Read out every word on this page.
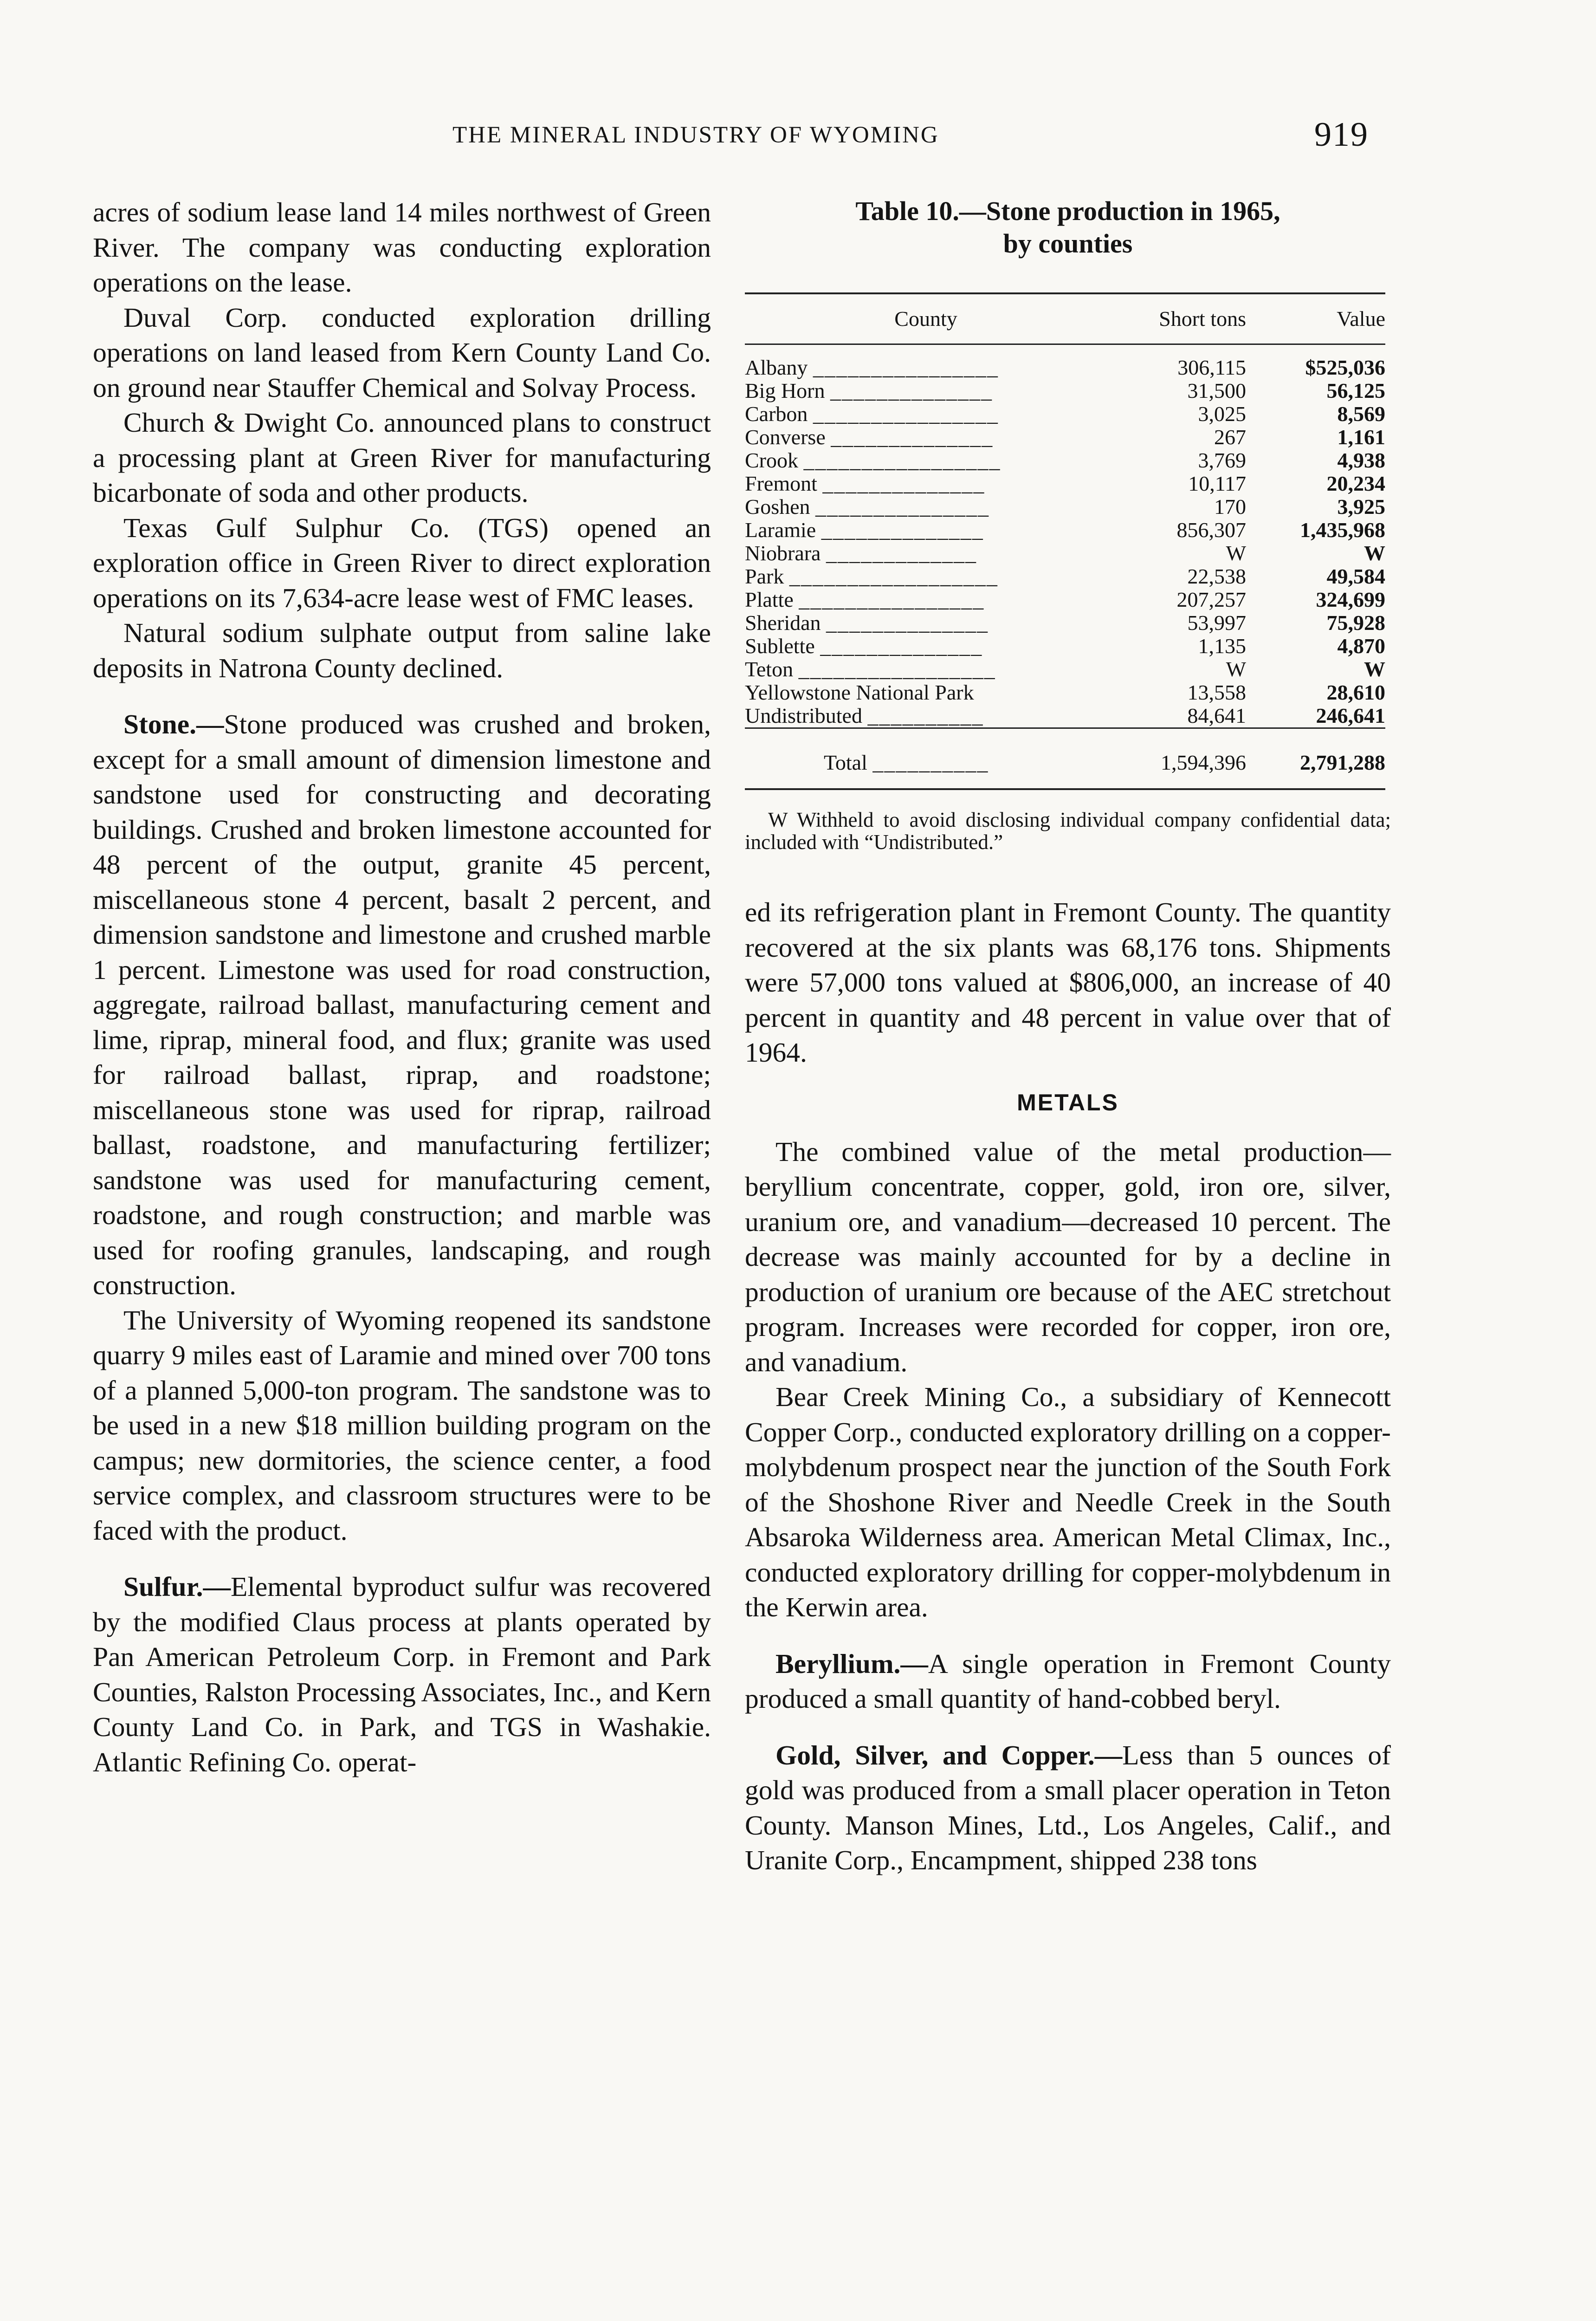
THE MINERAL INDUSTRY OF WYOMING	919

acres of sodium lease land 14 miles northwest of Green River. The company was conducting exploration operations on the lease.

Duval Corp. conducted exploration drilling operations on land leased from Kern County Land Co. on ground near Stauffer Chemical and Solvay Process.

Church & Dwight Co. announced plans to construct a processing plant at Green River for manufacturing bicarbonate of soda and other products.

Texas Gulf Sulphur Co. (TGS) opened an exploration office in Green River to direct exploration operations on its 7,634-acre lease west of FMC leases.

Natural sodium sulphate output from saline lake deposits in Natrona County declined.

Stone.—Stone produced was crushed and broken, except for a small amount of dimension limestone and sandstone used for constructing and decorating buildings. Crushed and broken limestone accounted for 48 percent of the output, granite 45 percent, miscellaneous stone 4 percent, basalt 2 percent, and dimension sandstone and limestone and crushed marble 1 percent. Limestone was used for road construction, aggregate, railroad ballast, manufacturing cement and lime, riprap, mineral food, and flux; granite was used for railroad ballast, riprap, and roadstone; miscellaneous stone was used for riprap, railroad ballast, roadstone, and manufacturing fertilizer; sandstone was used for manufacturing cement, roadstone, and rough construction; and marble was used for roofing granules, landscaping, and rough construction.

The University of Wyoming reopened its sandstone quarry 9 miles east of Laramie and mined over 700 tons of a planned 5,000-ton program. The sandstone was to be used in a new $18 million building program on the campus; new dormitories, the science center, a food service complex, and classroom structures were to be faced with the product.

Sulfur.—Elemental byproduct sulfur was recovered by the modified Claus process at plants operated by Pan American Petroleum Corp. in Fremont and Park Counties, Ralston Processing Associates, Inc., and Kern County Land Co. in Park, and TGS in Washakie. Atlantic Refining Co. operat-

Table 10.—Stone production in 1965,
by counties
County	Short tons	Value

Albany ________________	306,115	$525,036
Big Horn ______________	31,500	56,125
Carbon ________________	3,025	8,569
Converse ______________	267	1,161
Crook _________________	3,769	4,938
Fremont ______________	10,117	20,234
Goshen _______________	170	3,925
Laramie ______________	856,307	1,435,968
Niobrara _____________	W	W
Park __________________	22,538	49,584
Platte ________________	207,257	324,699
Sheridan ______________	53,997	75,928
Sublette ______________	1,135	4,870
Teton _________________	W	W
Yellowstone National Park	13,558	28,610
Undistributed __________	84,641	246,641
Total __________	1,594,396	2,791,288
W Withheld to avoid disclosing individual company confidential data; included with “Undistributed.”

ed its refrigeration plant in Fremont County. The quantity recovered at the six plants was 68,176 tons. Shipments were 57,000 tons valued at $806,000, an increase of 40 percent in quantity and 48 percent in value over that of 1964.

METALS

The combined value of the metal production—beryllium concentrate, copper, gold, iron ore, silver, uranium ore, and vanadium—decreased 10 percent. The decrease was mainly accounted for by a decline in production of uranium ore because of the AEC stretchout program. Increases were recorded for copper, iron ore, and vanadium.

Bear Creek Mining Co., a subsidiary of Kennecott Copper Corp., conducted exploratory drilling on a copper-molybdenum prospect near the junction of the South Fork of the Shoshone River and Needle Creek in the South Absaroka Wilderness area. American Metal Climax, Inc., conducted exploratory drilling for copper-molybdenum in the Kerwin area.

Beryllium.—A single operation in Fremont County produced a small quantity of hand-cobbed beryl.

Gold, Silver, and Copper.—Less than 5 ounces of gold was produced from a small placer operation in Teton County. Manson Mines, Ltd., Los Angeles, Calif., and Uranite Corp., Encampment, shipped 238 tons
